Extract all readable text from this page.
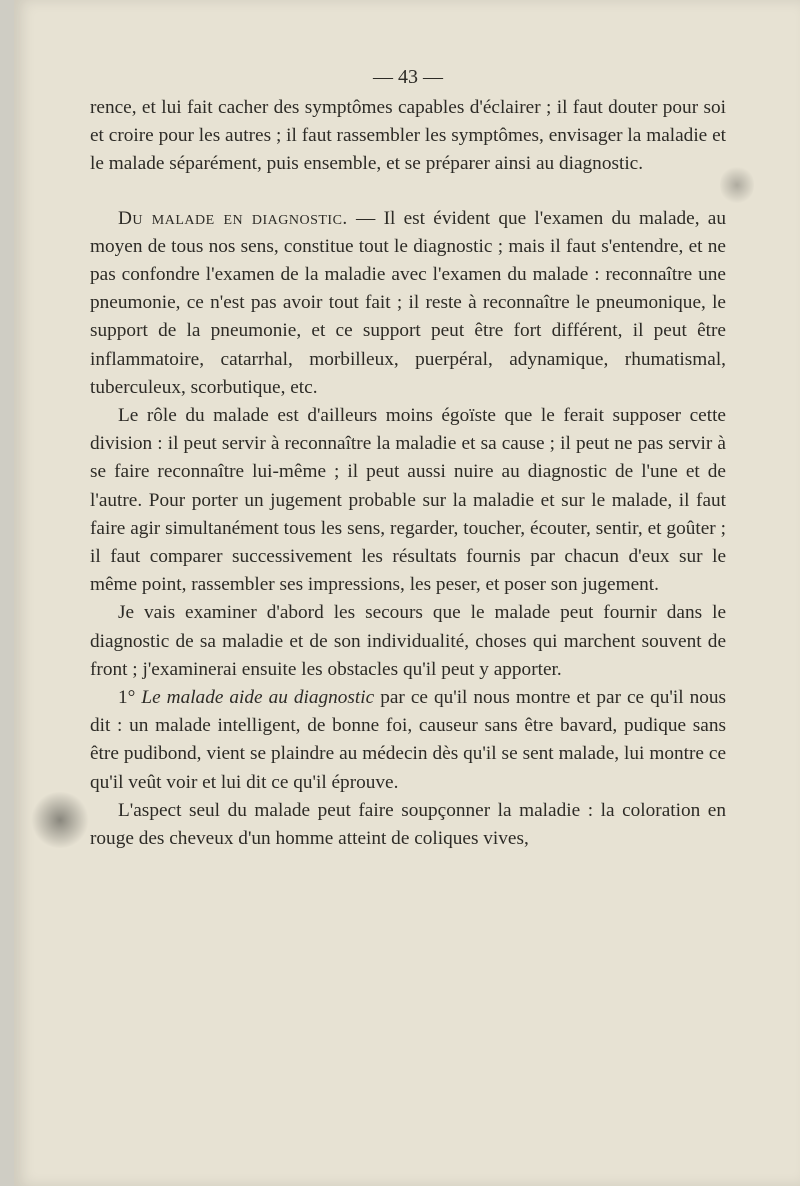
— 43 —

rence, et lui fait cacher des symptômes capables d'éclairer ; il faut douter pour soi et croire pour les autres ; il faut rassembler les symptômes, envisager la maladie et le malade séparément, puis ensemble, et se préparer ainsi au diagnostic.

Du malade en diagnostic. — Il est évident que l'examen du malade, au moyen de tous nos sens, constitue tout le diagnostic ; mais il faut s'entendre, et ne pas confondre l'examen de la maladie avec l'examen du malade : reconnaître une pneumonie, ce n'est pas avoir tout fait ; il reste à reconnaître le pneumonique, le support de la pneumonie, et ce support peut être fort différent, il peut être inflammatoire, catarrhal, morbilleux, puerpéral, adynamique, rhumatismal, tuberculeux, scorbutique, etc.

Le rôle du malade est d'ailleurs moins égoïste que le ferait supposer cette division : il peut servir à reconnaître la maladie et sa cause ; il peut ne pas servir à se faire reconnaître lui-même ; il peut aussi nuire au diagnostic de l'une et de l'autre. Pour porter un jugement probable sur la maladie et sur le malade, il faut faire agir simultanément tous les sens, regarder, toucher, écouter, sentir, et goûter ; il faut comparer successivement les résultats fournis par chacun d'eux sur le même point, rassembler ses impressions, les peser, et poser son jugement.

Je vais examiner d'abord les secours que le malade peut fournir dans le diagnostic de sa maladie et de son individualité, choses qui marchent souvent de front ; j'examinerai ensuite les obstacles qu'il peut y apporter.

1° Le malade aide au diagnostic par ce qu'il nous montre et par ce qu'il nous dit : un malade intelligent, de bonne foi, causeur sans être bavard, pudique sans être pudibond, vient se plaindre au médecin dès qu'il se sent malade, lui montre ce qu'il veût voir et lui dit ce qu'il éprouve.

L'aspect seul du malade peut faire soupçonner la maladie : la coloration en rouge des cheveux d'un homme atteint de coliques vives,
